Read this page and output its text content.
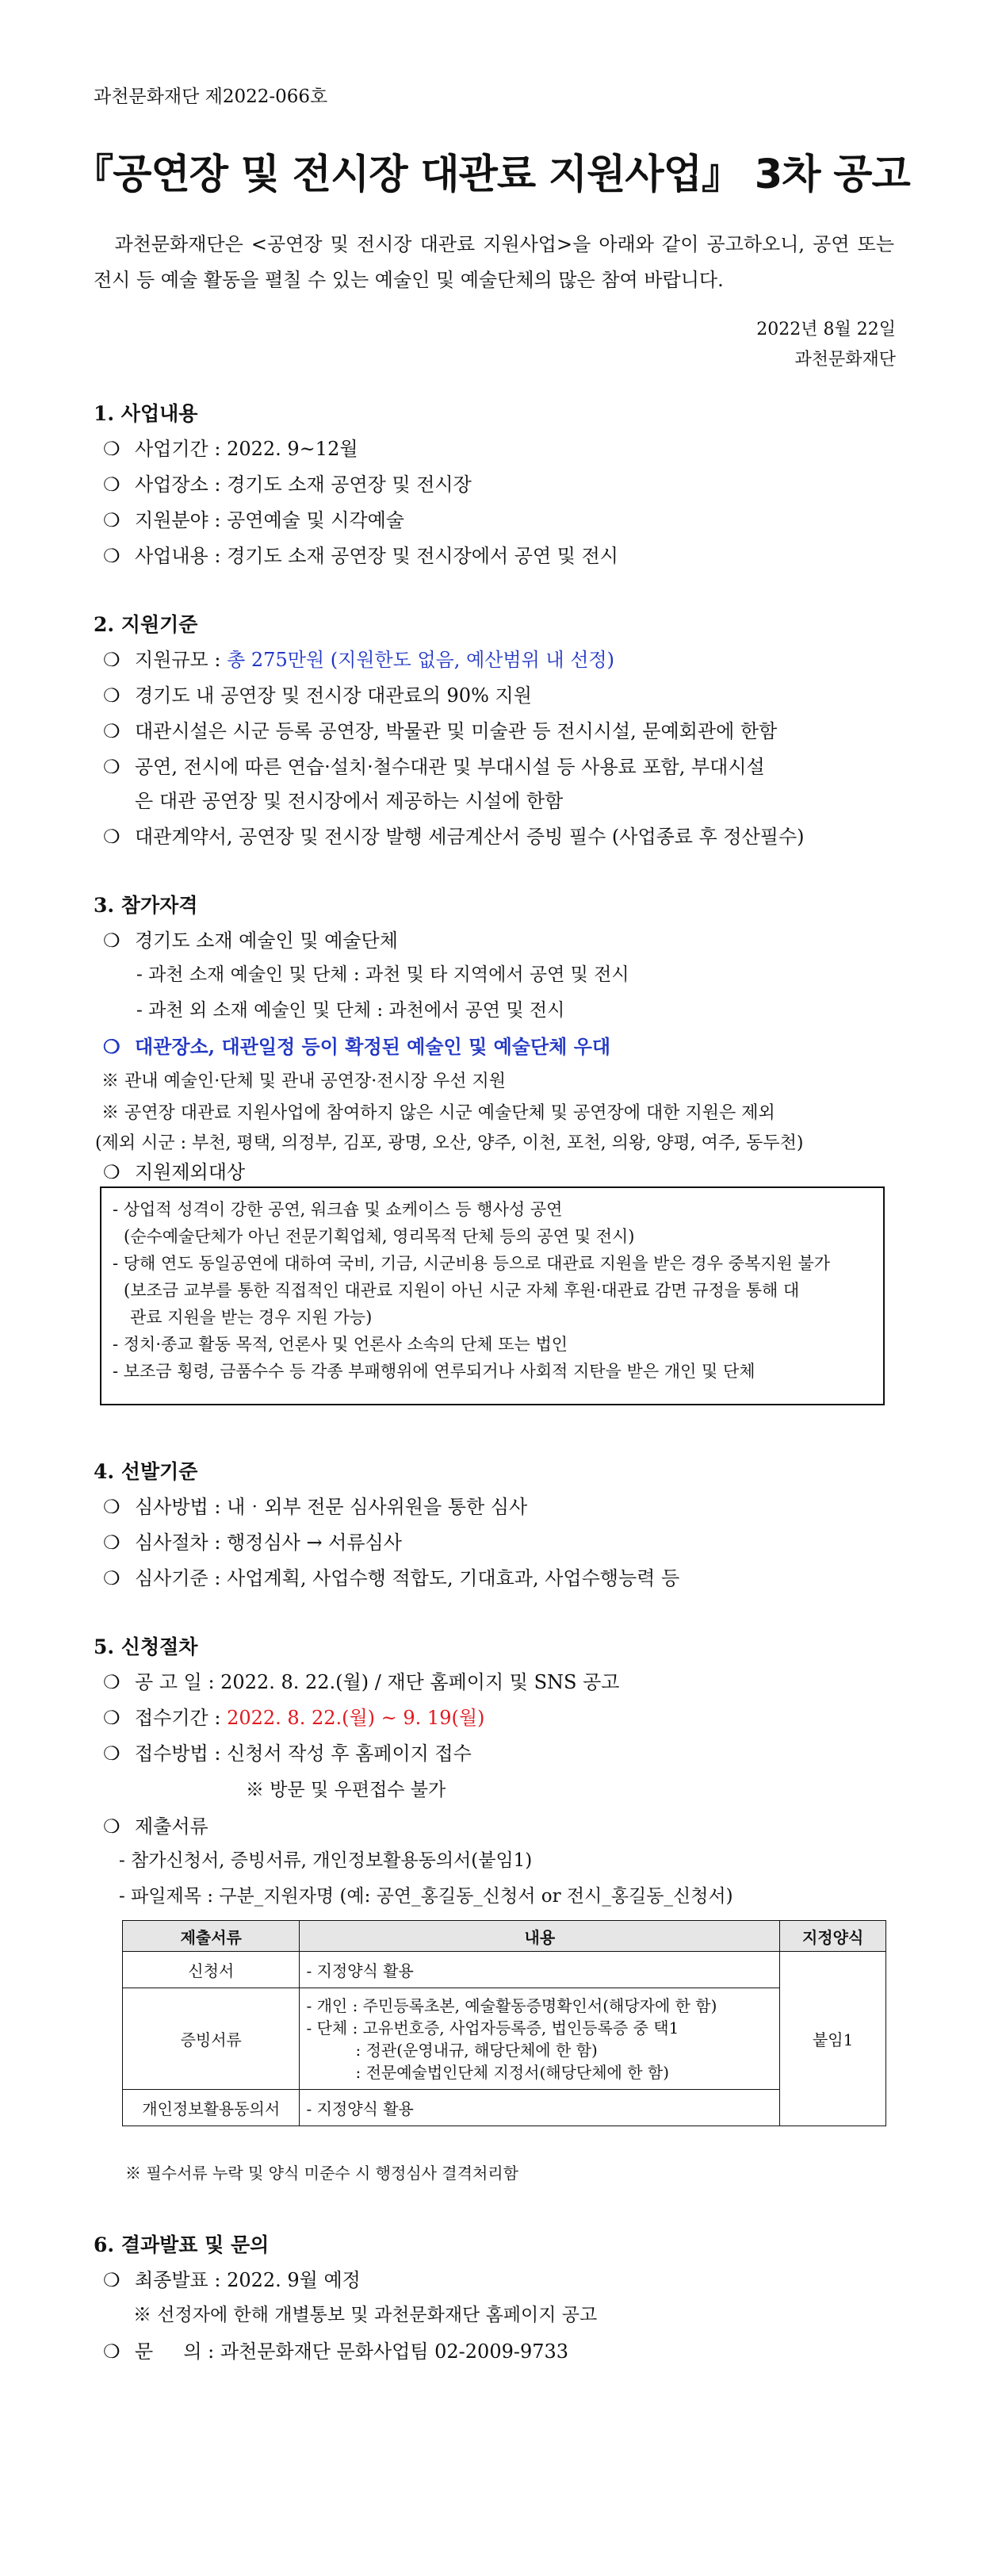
과천문화재단 제2022-066호
『공연장 및 전시장 대관료 지원사업』 3차 공고
　과천문화재단은 <공연장 및 전시장 대관료 지원사업>을 아래와 같이 공고하오니, 공연 또는 전시 등 예술 활동을 펼칠 수 있는 예술인 및 예술단체의 많은 참여 바랍니다.
2022년 8월 22일
과천문화재단
1. 사업내용
❍ 사업기간 : 2022. 9~12월
❍ 사업장소 : 경기도 소재 공연장 및 전시장
❍ 지원분야 : 공연예술 및 시각예술
❍ 사업내용 : 경기도 소재 공연장 및 전시장에서 공연 및 전시
2. 지원기준
❍ 지원규모 : 총 275만원 (지원한도 없음, 예산범위 내 선정)
❍ 경기도 내 공연장 및 전시장 대관료의 90% 지원
❍ 대관시설은 시군 등록 공연장, 박물관 및 미술관 등 전시시설, 문예회관에 한함
❍ 공연, 전시에 따른 연습·설치·철수대관 및 부대시설 등 사용료 포함, 부대시설
은 대관 공연장 및 전시장에서 제공하는 시설에 한함
❍ 대관계약서, 공연장 및 전시장 발행 세금계산서 증빙 필수 (사업종료 후 정산필수)
3. 참가자격
❍ 경기도 소재 예술인 및 예술단체
- 과천 소재 예술인 및 단체 : 과천 및 타 지역에서 공연 및 전시
- 과천 외 소재 예술인 및 단체 : 과천에서 공연 및 전시
❍ 대관장소, 대관일정 등이 확정된 예술인 및 예술단체 우대
※ 관내 예술인·단체 및 관내 공연장·전시장 우선 지원
※ 공연장 대관료 지원사업에 참여하지 않은 시군 예술단체 및 공연장에 대한 지원은 제외
(제외 시군 : 부천, 평택, 의정부, 김포, 광명, 오산, 양주, 이천, 포천, 의왕, 양평, 여주, 동두천)
❍ 지원제외대상
- 상업적 성격이 강한 공연, 워크숍 및 쇼케이스 등 행사성 공연
(순수예술단체가 아닌 전문기획업체, 영리목적 단체 등의 공연 및 전시)
- 당해 연도 동일공연에 대하여 국비, 기금, 시군비용 등으로 대관료 지원을 받은 경우 중복지원 불가
(보조금 교부를 통한 직접적인 대관료 지원이 아닌 시군 자체 후원·대관료 감면 규정을 통해 대
관료 지원을 받는 경우 지원 가능)
- 정치·종교 활동 목적, 언론사 및 언론사 소속의 단체 또는 법인
- 보조금 횡령, 금품수수 등 각종 부패행위에 연루되거나 사회적 지탄을 받은 개인 및 단체
4. 선발기준
❍ 심사방법 : 내‧외부 전문 심사위원을 통한 심사
❍ 심사절차 : 행정심사 → 서류심사
❍ 심사기준 : 사업계획, 사업수행 적합도, 기대효과, 사업수행능력 등
5. 신청절차
❍ 공 고 일 : 2022. 8. 22.(월) / 재단 홈페이지 및 SNS 공고
❍ 접수기간 : 2022. 8. 22.(월) ~ 9. 19(월)
❍ 접수방법 : 신청서 작성 후 홈페이지 접수
※ 방문 및 우편접수 불가
❍ 제출서류
- 참가신청서, 증빙서류, 개인정보활용동의서(붙임1)
- 파일제목 : 구분_지원자명 (예: 공연_홍길동_신청서 or 전시_홍길동_신청서)
제출서류	내용	지정양식
신청서	- 지정양식 활용	붙임1
증빙서류	- 개인 : 주민등록초본, 예술활동증명확인서(해당자에 한 함)
- 단체 : 고유번호증, 사업자등록증, 법인등록증 중 택1
: 정관(운영내규, 해당단체에 한 함)
: 전문예술법인단체 지정서(해당단체에 한 함)	

개인정보활용동의서	- 지정양식 활용	
※ 필수서류 누락 및 양식 미준수 시 행정심사 결격처리함
6. 결과발표 및 문의
❍ 최종발표 : 2022. 9월 예정
※ 선정자에 한해 개별통보 및 과천문화재단 홈페이지 공고
❍ 문     의 : 과천문화재단 문화사업팀 02-2009-9733
